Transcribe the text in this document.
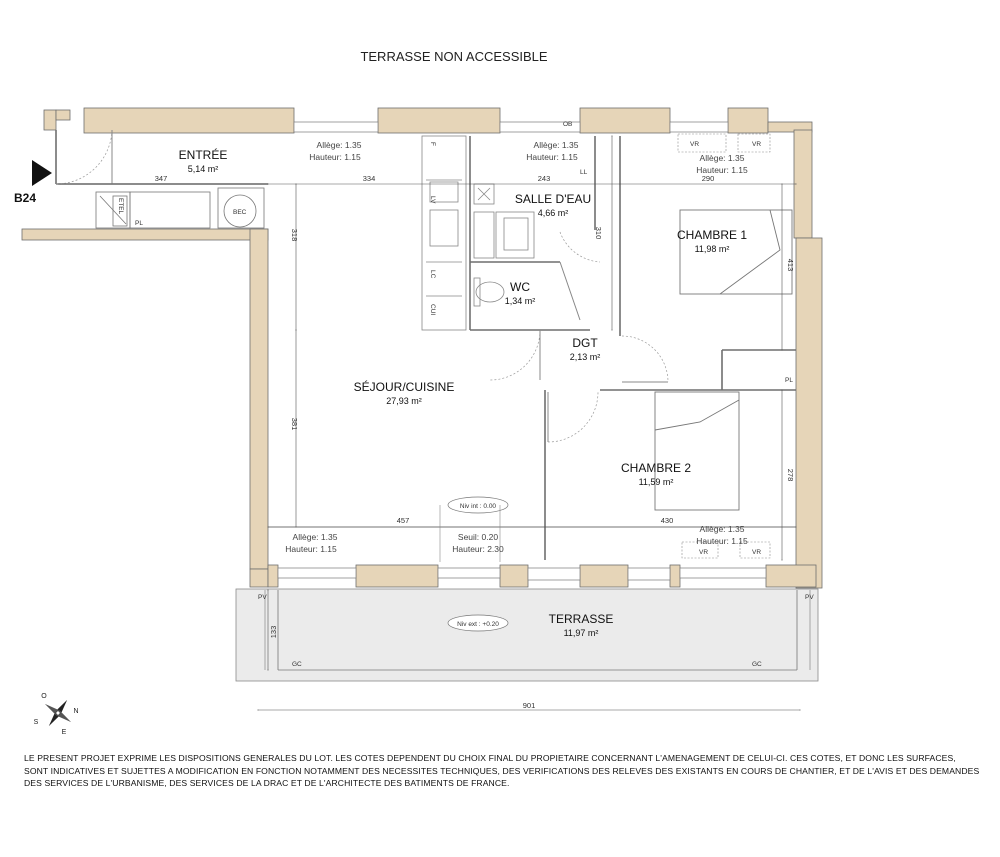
TERRASSE NON ACCESSIBLE
B24
ENTRÉE
5,14 m²
SALLE D'EAU
4,66 m²
CHAMBRE 1
11,98 m²
WC
1,34 m²
DGT
2,13 m²
SÉJOUR/CUISINE
27,93 m²
CHAMBRE 2
11,59 m²
TERRASSE
11,97 m²
347	334	243	290
318	310
413
381
278
457	430
133
901
Allège: 1.35
Hauteur: 1.15
Allège: 1.35
Hauteur: 1.15	Allège: 1.35
Hauteur: 1.15
Allège: 1.35
Hauteur: 1.15
Allège: 1.35
Hauteur: 1.15
Seuil: 0.20
Hauteur: 2.30
Niv int : 0.00
Niv ext : +0.20
ETEL
PL
BEC
F
LV
LC
CUI
OB
LL
PL
VR	VR
VR	VR
PV	PV
GC	GC
O
N
S
E
LE PRESENT PROJET EXPRIME LES DISPOSITIONS GENERALES DU LOT. LES COTES DEPENDENT DU CHOIX FINAL DU PROPIETAIRE CONCERNANT L'AMENAGEMENT DE CELUI-CI. CES COTES, ET DONC LES SURFACES, SONT INDICATIVES ET SUJETTES A MODIFICATION EN FONCTION NOTAMMENT DES NECESSITES TECHNIQUES, DES VERIFICATIONS DES RELEVES DES EXISTANTS EN COURS DE CHANTIER, ET DE L'AVIS ET DES DEMANDES DES SERVICES DE L'URBANISME, DES SERVICES DE LA DRAC ET DE L'ARCHITECTE DES BATIMENTS DE FRANCE.
